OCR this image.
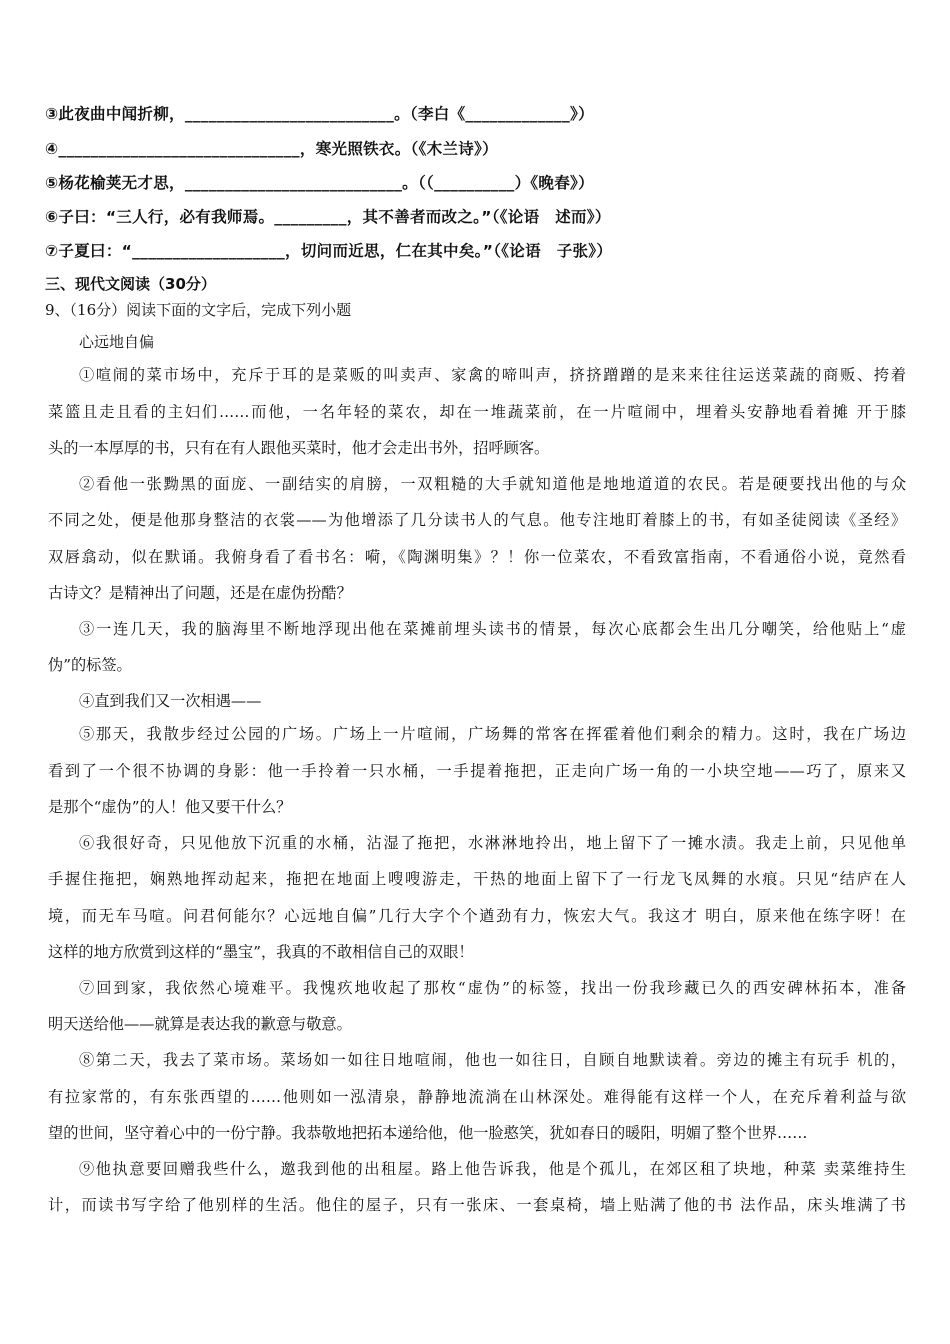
③此夜曲中闻折柳，__________________________。（李白《_____________》）
④______________________________，寒光照铁衣。（《木兰诗》）
⑤杨花榆荚无才思，___________________________。（（__________）《晚春》）
⑥子曰：“三人行，必有我师焉。_________，其不善者而改之。”（《论语　述而》）
⑦子夏曰：“___________________，切问而近思，仁在其中矣。”（《论语　子张》）
三、现代文阅读（30分）
9、（16分）阅读下面的文字后，完成下列小题
心远地自偏
①喧闹的菜市场中，充斥于耳的是菜贩的叫卖声、家禽的啼叫声，挤挤蹭蹭的是来来往往运送菜蔬的商贩、挎着
菜篮且走且看的主妇们……而他，一名年轻的菜农，却在一堆蔬菜前，在一片喧闹中，埋着头安静地看着摊 开于膝
头的一本厚厚的书，只有在有人跟他买菜时，他才会走出书外，招呼顾客。
②看他一张黝黑的面庞、一副结实的肩膀，一双粗糙的大手就知道他是地地道道的农民。若是硬要找出他的与众
不同之处，便是他那身整洁的衣裳——为他增添了几分读书人的气息。他专注地盯着膝上的书，有如圣徒阅读《圣经》
双唇翕动，似在默诵。我俯身看了看书名：嗬，《陶渊明集》？！你一位菜农，不看致富指南，不看通俗小说，竟然看
古诗文？是精神出了问题，还是在虚伪扮酷？
③一连几天，我的脑海里不断地浮现出他在菜摊前埋头读书的情景，每次心底都会生出几分嘲笑，给他贴上“虚
伪”的标签。
④直到我们又一次相遇——
⑤那天，我散步经过公园的广场。广场上一片喧闹，广场舞的常客在挥霍着他们剩余的精力。这时，我在广场边
看到了一个很不协调的身影：他一手拎着一只水桶，一手提着拖把，正走向广场一角的一小块空地——巧了，原来又
是那个“虚伪”的人！他又要干什么？
⑥我很好奇，只见他放下沉重的水桶，沾湿了拖把，水淋淋地拎出，地上留下了一摊水渍。我走上前，只见他单
手握住拖把，娴熟地挥动起来，拖把在地面上嗖嗖游走，干热的地面上留下了一行龙飞凤舞的水痕。只见“结庐在人
境，而无车马喧。问君何能尔？心远地自偏”几行大字个个遒劲有力，恢宏大气。我这才 明白，原来他在练字呀！在
这样的地方欣赏到这样的“墨宝”，我真的不敢相信自己的双眼！
⑦回到家，我依然心境难平。我愧疚地收起了那枚“虚伪”的标签，找出一份我珍藏已久的西安碑林拓本，准备
明天送给他——就算是表达我的歉意与敬意。
⑧第二天，我去了菜市场。菜场如一如往日地喧闹，他也一如往日，自顾自地默读着。旁边的摊主有玩手 机的，
有拉家常的，有东张西望的……他则如一泓清泉，静静地流淌在山林深处。难得能有这样一个人，在充斥着利益与欲
望的世间，坚守着心中的一份宁静。我恭敬地把拓本递给他，他一脸憨笑，犹如春日的暖阳，明媚了整个世界……
⑨他执意要回赠我些什么，邀我到他的出租屋。路上他告诉我，他是个孤儿，在郊区租了块地，种菜 卖菜维持生
计，而读书写字给了他别样的生活。他住的屋子，只有一张床、一套桌椅，墙上贴满了他的书 法作品，床头堆满了书
